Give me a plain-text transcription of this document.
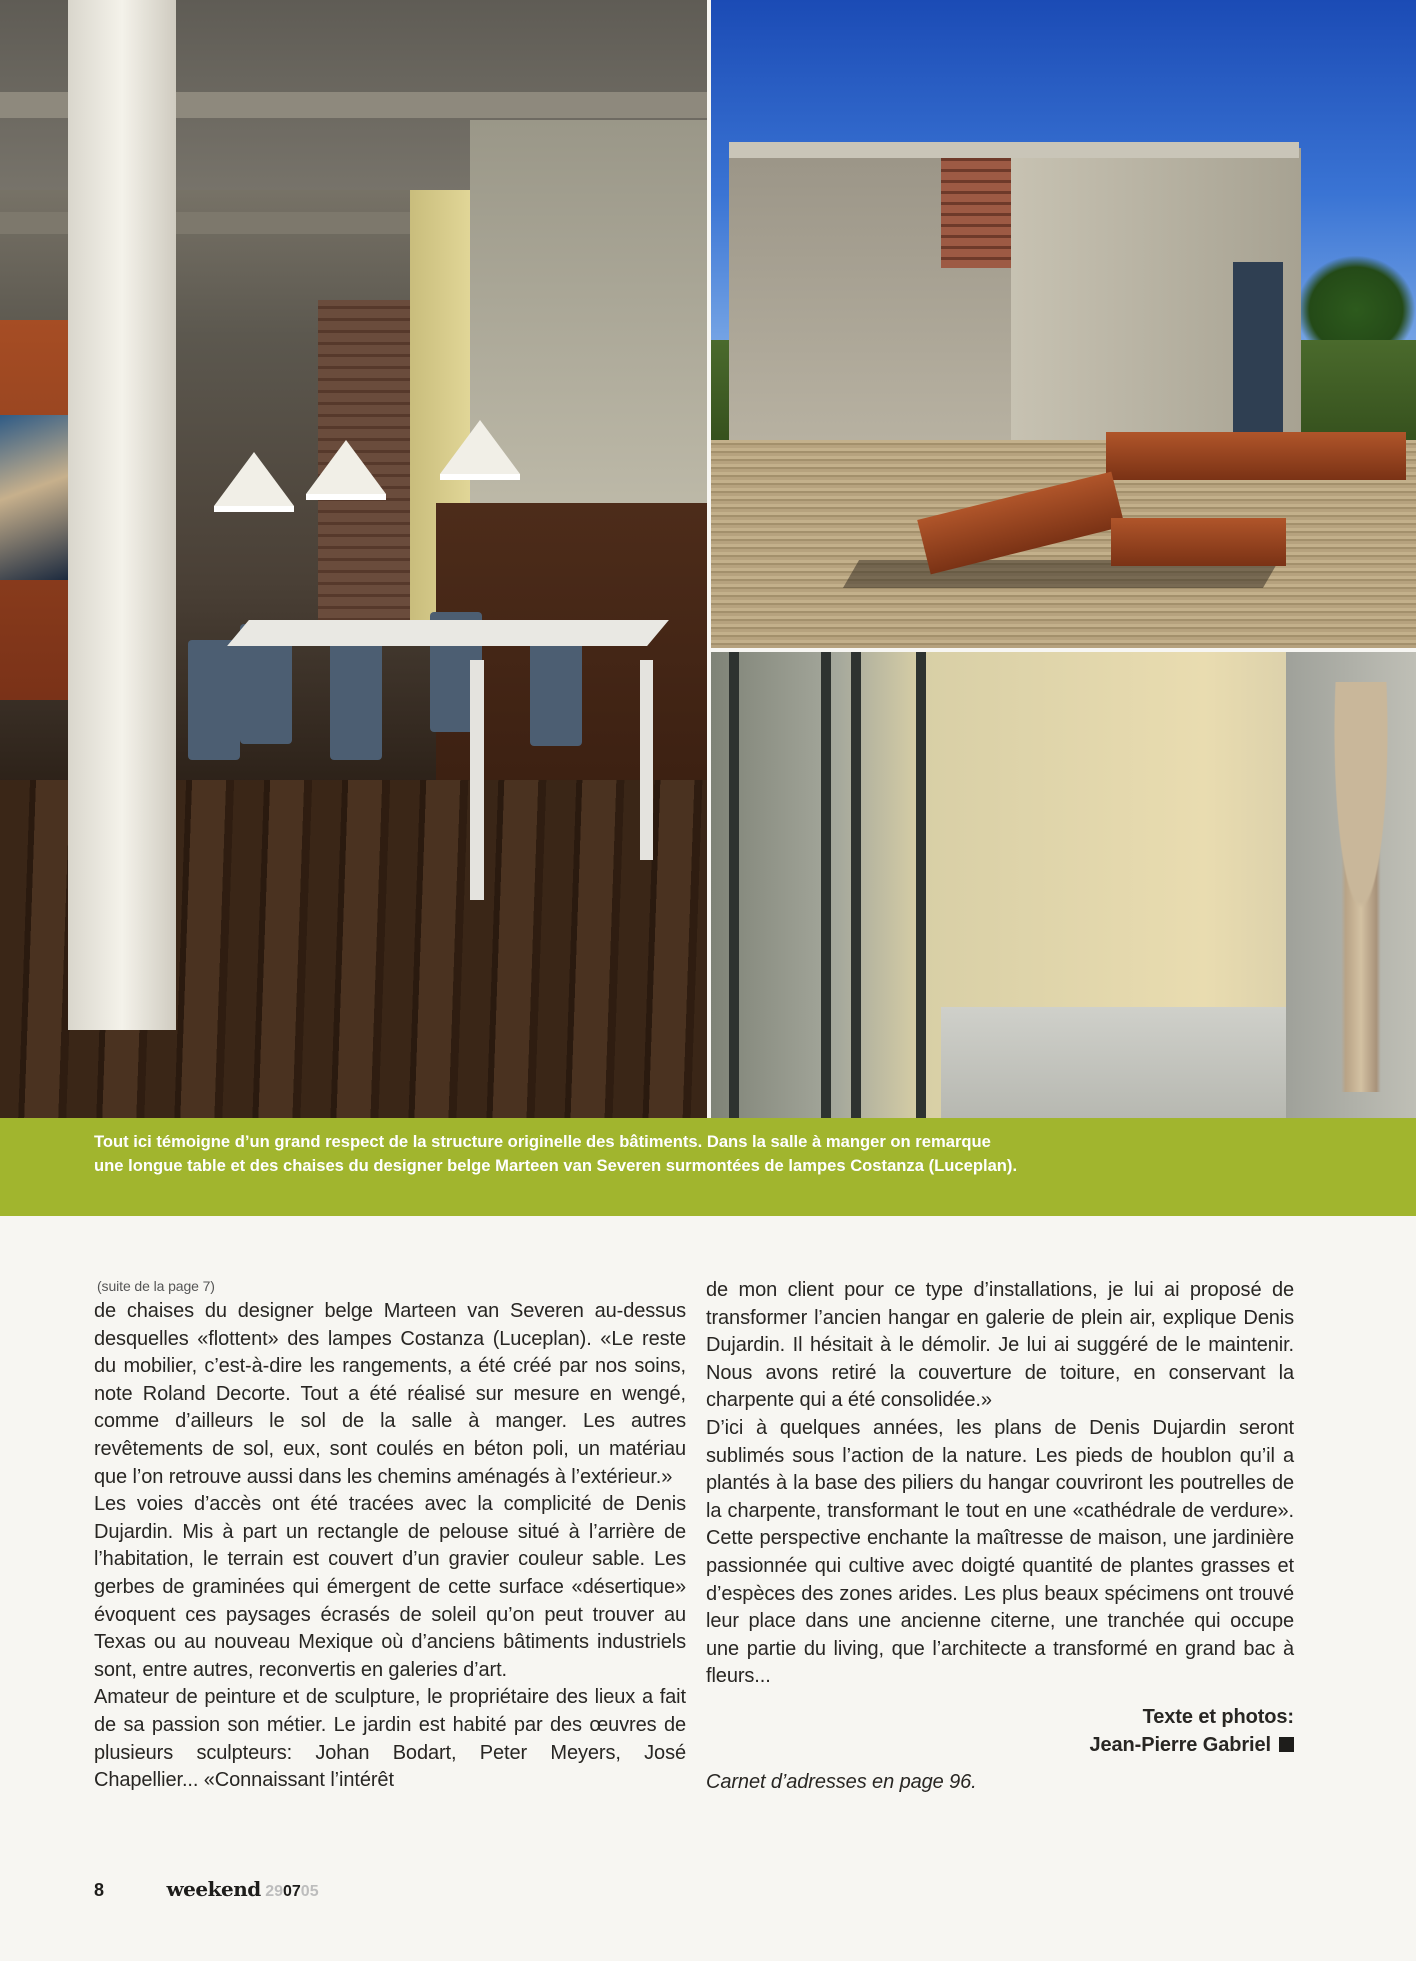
Tout ici témoigne d’un grand respect de la structure originelle des bâtiments. Dans la salle à manger on remarque
une longue table et des chaises du designer belge Marteen van Severen surmontées de lampes Costanza (Luceplan).

(suite de la page 7)

de chaises du designer belge Marteen van Severen au-dessus desquelles «flottent» des lampes Costanza (Luceplan). «Le reste du mobilier, c’est-à-dire les rangements, a été créé par nos soins, note Roland Decorte. Tout a été réalisé sur mesure en wengé, comme d’ailleurs le sol de la salle à manger. Les autres revêtements de sol, eux, sont coulés en béton poli, un matériau que l’on retrouve aussi dans les chemins aménagés à l’extérieur.»

Les voies d’accès ont été tracées avec la complicité de Denis Dujardin. Mis à part un rectangle de pelouse situé à l’arrière de l’habitation, le terrain est couvert d’un gravier couleur sable. Les gerbes de graminées qui émergent de cette surface «désertique» évoquent ces paysages écrasés de soleil qu’on peut trouver au Texas ou au nouveau Mexique où d’anciens bâtiments industriels sont, entre autres, reconvertis en galeries d’art.

Amateur de peinture et de sculpture, le propriétaire des lieux a fait de sa passion son métier. Le jardin est habité par des œuvres de plusieurs sculpteurs: Johan Bodart, Peter Meyers, José Chapellier... «Connaissant l’intérêt

de mon client pour ce type d’installations, je lui ai proposé de transformer l’ancien hangar en galerie de plein air, explique Denis Dujardin. Il hésitait à le démolir. Je lui ai suggéré de le maintenir. Nous avons retiré la couverture de toiture, en conservant la charpente qui a été consolidée.»

D’ici à quelques années, les plans de Denis Dujardin seront sublimés sous l’action de la nature. Les pieds de houblon qu’il a plantés à la base des piliers du hangar couvriront les poutrelles de la charpente, transformant le tout en une «cathédrale de verdure». Cette perspective enchante la maîtresse de maison, une jardinière passionnée qui cultive avec doigté quantité de plantes grasses et d’espèces des zones arides. Les plus beaux spécimens ont trouvé leur place dans une ancienne citerne, une tranchée qui occupe une partie du living, que l’architecte a transformé en grand bac à fleurs...

Texte et photos:
Jean-Pierre Gabriel
Carnet d’adresses en page 96.
8	weekend 290705
